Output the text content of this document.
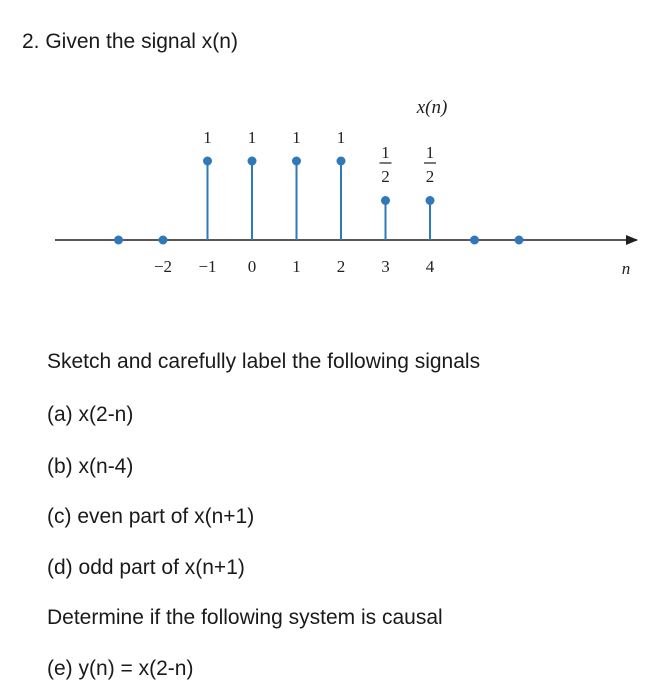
2. Given the signal x(n)
−2 −1 0 1 2 3 4
1 1 1 1
1
2
1
2
x(n)
n
Sketch and carefully label the following signals

(a) x(2-n)

(b) x(n-4)

(c) even part of x(n+1)

(d) odd part of x(n+1)

Determine if the following system is causal

(e) y(n) = x(2-n)
